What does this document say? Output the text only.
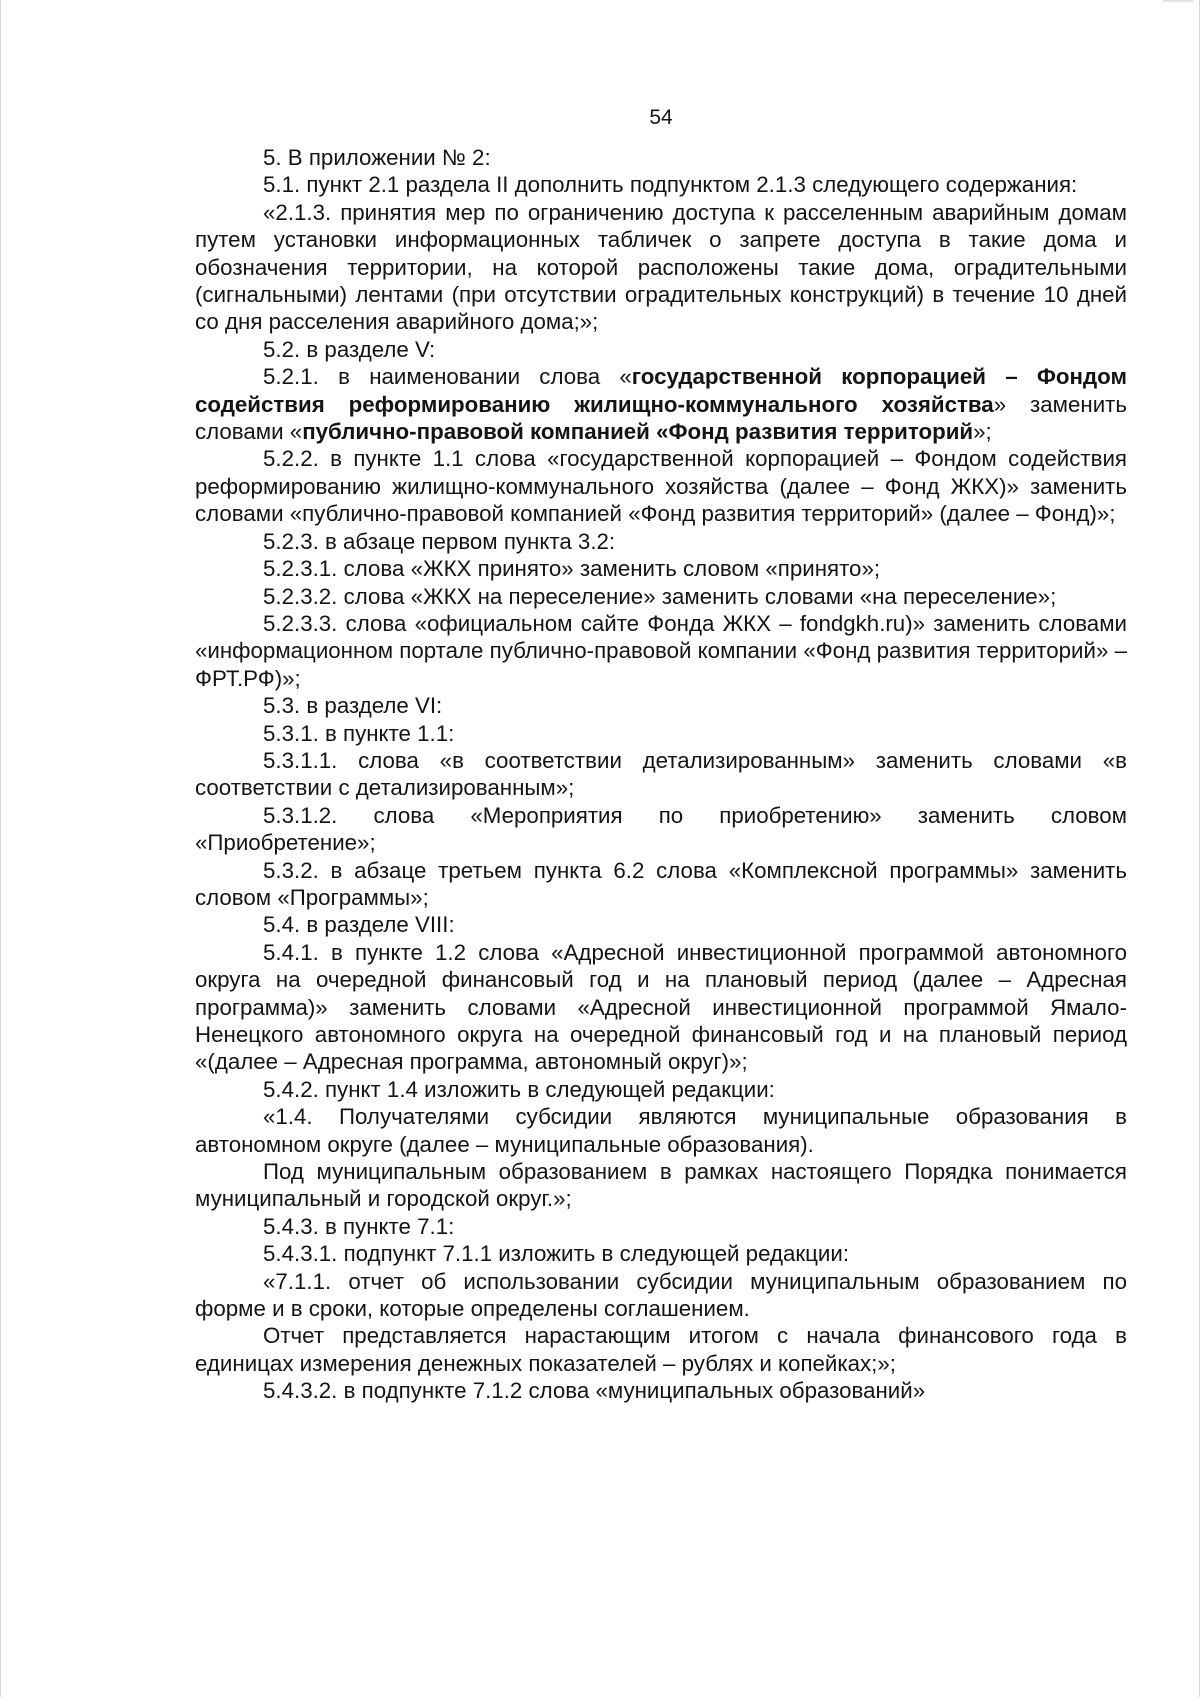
54

5. В приложении № 2:

5.1. пункт 2.1 раздела II дополнить подпунктом 2.1.3 следующего содержания:

«2.1.3. принятия мер по ограничению доступа к расселенным аварийным домам путем установки информационных табличек о запрете доступа в такие дома и обозначения территории, на которой расположены такие дома, оградительными (сигнальными) лентами (при отсутствии оградительных конструкций) в течение 10 дней со дня расселения аварийного дома;»;

5.2. в разделе V:

5.2.1. в наименовании слова «государственной корпорацией – Фондом содействия реформированию жилищно-коммунального хозяйства» заменить словами «публично-правовой компанией «Фонд развития территорий»;

5.2.2. в пункте 1.1 слова «государственной корпорацией – Фондом содействия реформированию жилищно-коммунального хозяйства (далее – Фонд ЖКХ)» заменить словами «публично-правовой компанией «Фонд развития территорий» (далее – Фонд)»;

5.2.3. в абзаце первом пункта 3.2:

5.2.3.1. слова «ЖКХ принято» заменить словом «принято»;

5.2.3.2. слова «ЖКХ на переселение» заменить словами «на переселение»;

5.2.3.3. слова «официальном сайте Фонда ЖКХ – fondgkh.ru)» заменить словами «информационном портале публично-правовой компании «Фонд развития территорий» – ФРТ.РФ)»;

5.3. в разделе VI:

5.3.1. в пункте 1.1:

5.3.1.1. слова «в соответствии детализированным» заменить словами «в соответствии с детализированным»;

5.3.1.2. слова «Мероприятия по приобретению» заменить словом «Приобретение»;

5.3.2. в абзаце третьем пункта 6.2 слова «Комплексной программы» заменить словом «Программы»;

5.4. в разделе VIII:

5.4.1. в пункте 1.2 слова «Адресной инвестиционной программой автономного округа на очередной финансовый год и на плановый период (далее – Адресная программа)» заменить словами «Адресной инвестиционной программой Ямало-Ненецкого автономного округа на очередной финансовый год и на плановый период «(далее – Адресная программа, автономный округ)»;

5.4.2. пункт 1.4 изложить в следующей редакции:

«1.4. Получателями субсидии являются муниципальные образования в автономном округе (далее – муниципальные образования).

Под муниципальным образованием в рамках настоящего Порядка понимается муниципальный и городской округ.»;

5.4.3. в пункте 7.1:

5.4.3.1. подпункт 7.1.1 изложить в следующей редакции:

«7.1.1. отчет об использовании субсидии муниципальным образованием по форме и в сроки, которые определены соглашением.

Отчет представляется нарастающим итогом с начала финансового года в единицах измерения денежных показателей – рублях и копейках;»;

5.4.3.2. в подпункте 7.1.2 слова «муниципальных образований»
